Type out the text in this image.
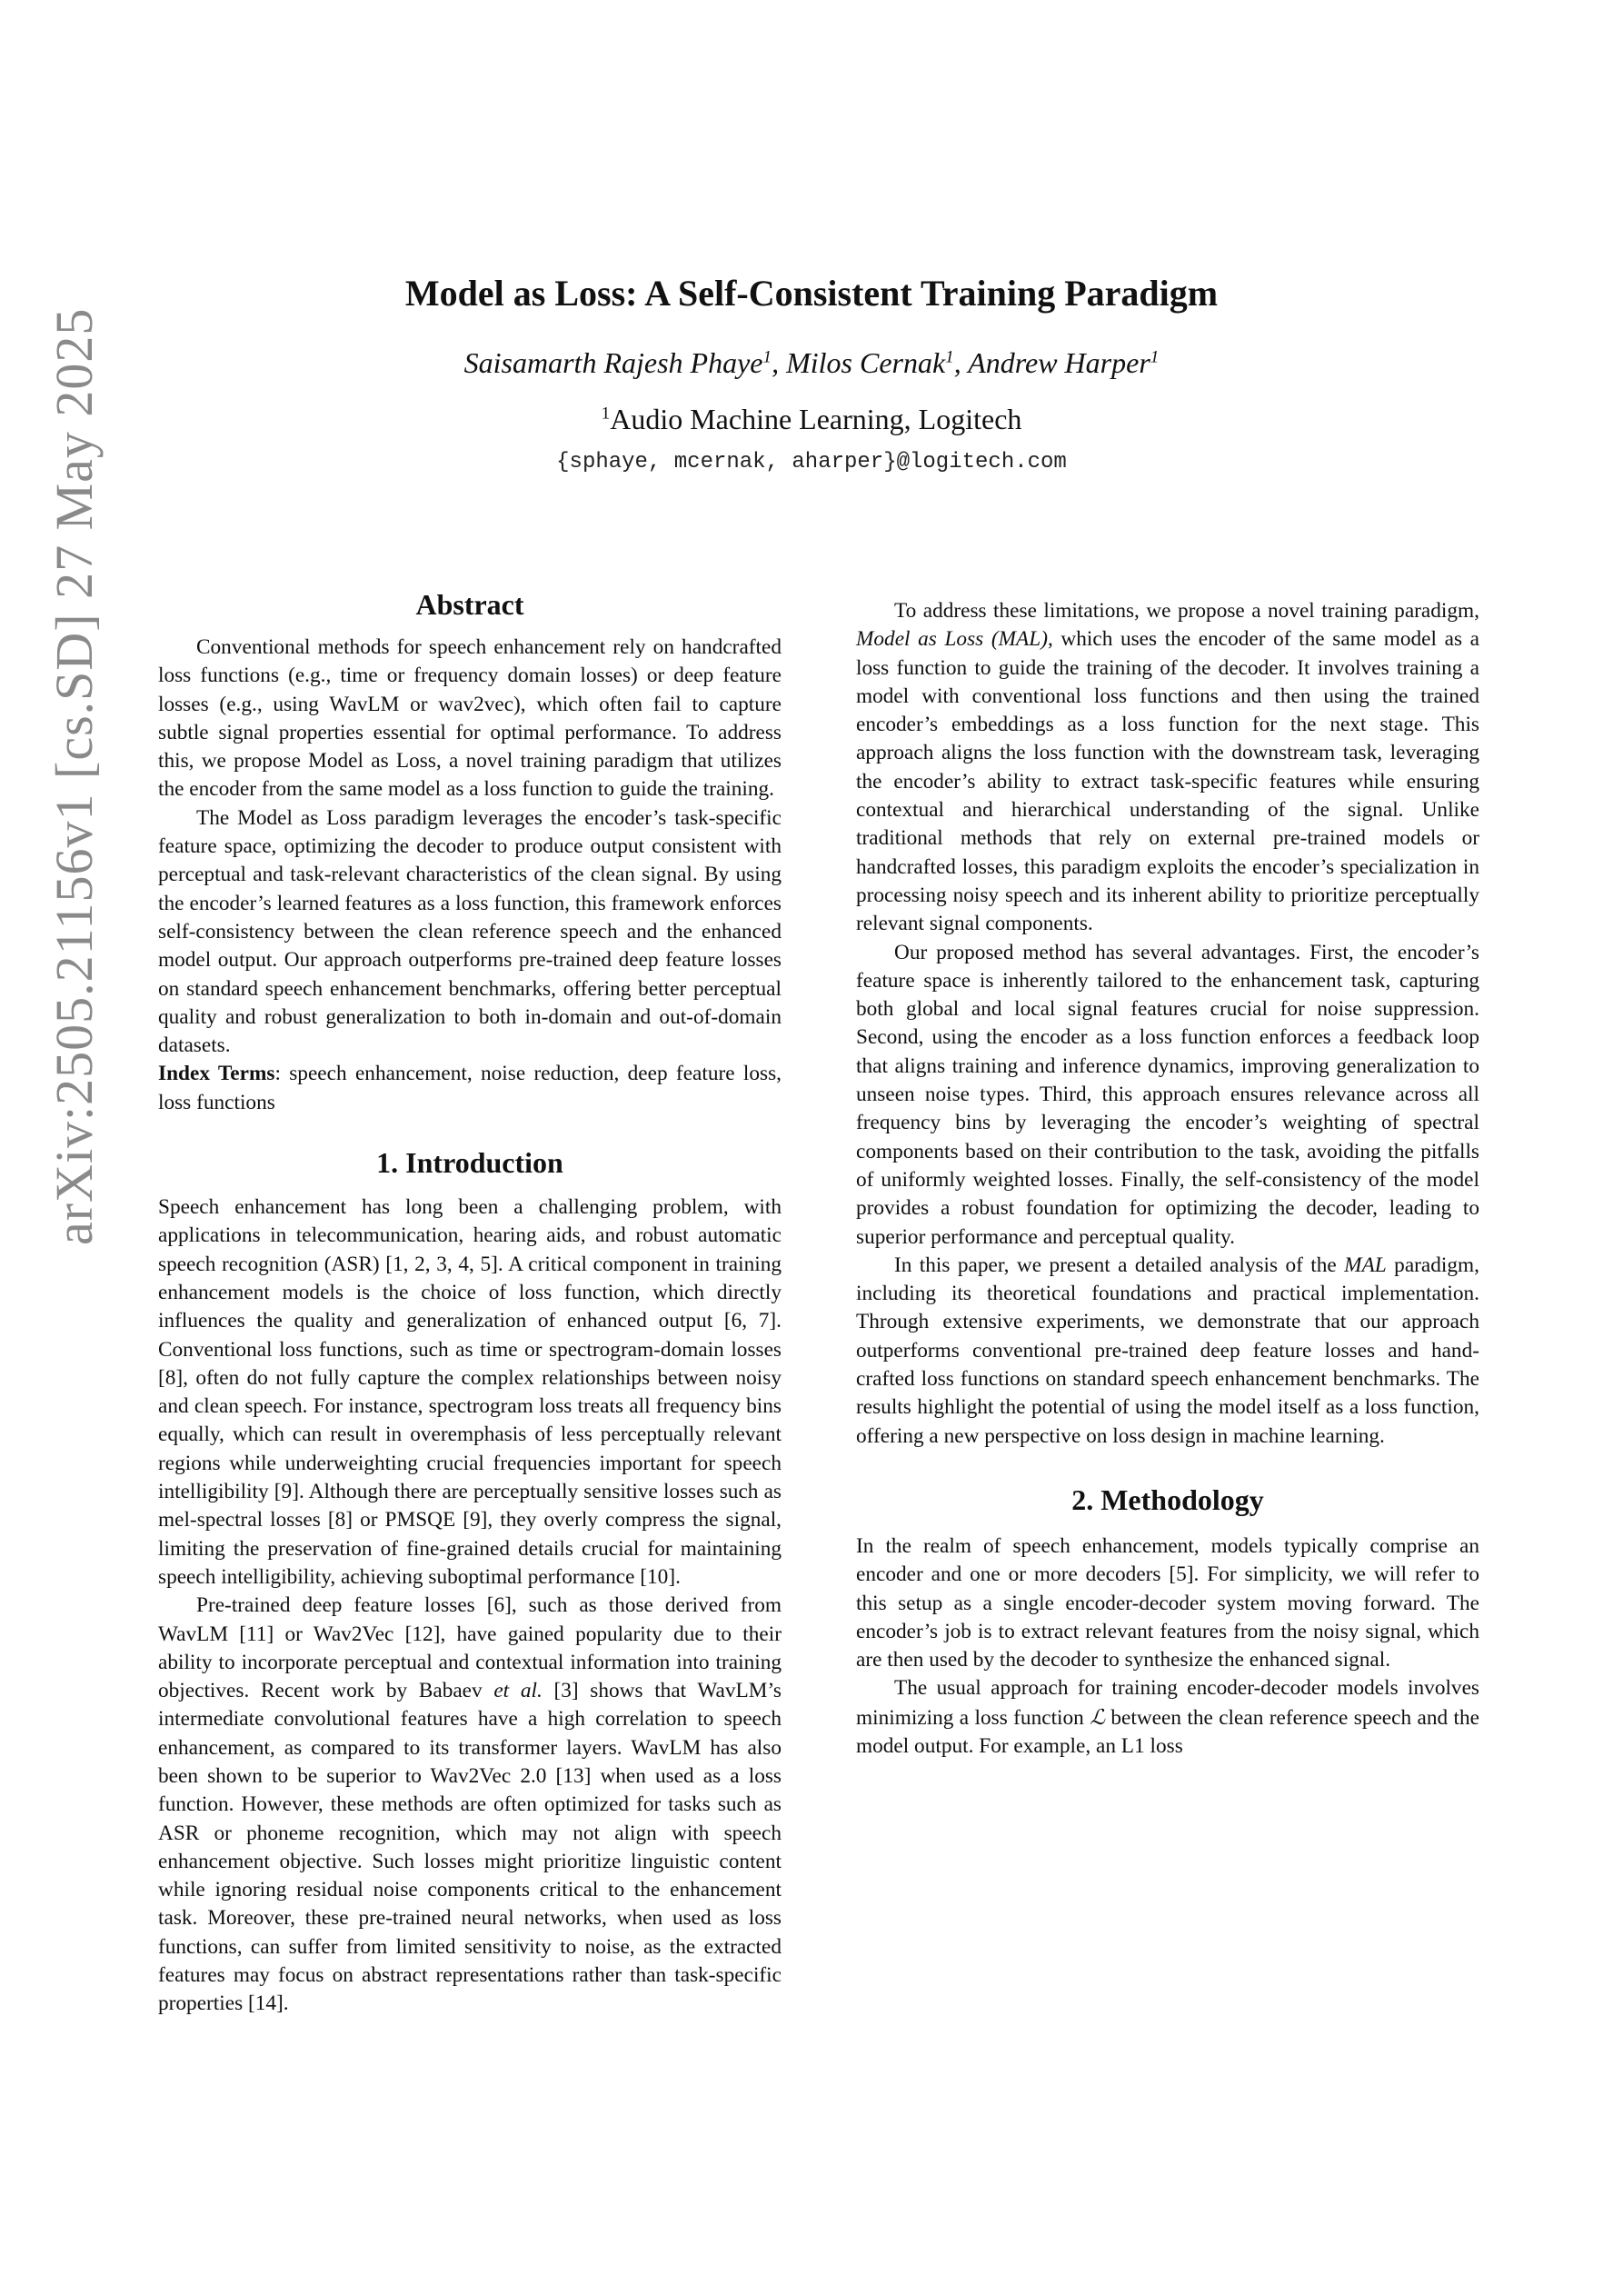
arXiv:2505.21156v1 [cs.SD] 27 May 2025
Model as Loss: A Self-Consistent Training Paradigm
Saisamarth Rajesh Phaye$^1$, Milos Cernak$^1$, Andrew Harper$^1$
$^1$Audio Machine Learning, Logitech
{sphaye, mcernak, aharper}@logitech.com
Abstract

Conventional methods for speech enhancement rely on handcrafted loss functions (e.g., time or frequency domain losses) or deep feature losses (e.g., using WavLM or wav2vec), which often fail to capture subtle signal properties essential for optimal performance. To address this, we propose Model as Loss, a novel training paradigm that utilizes the encoder from the same model as a loss function to guide the training.

The Model as Loss paradigm leverages the encoder’s task-specific feature space, optimizing the decoder to produce output consistent with perceptual and task-relevant characteristics of the clean signal. By using the encoder’s learned features as a loss function, this framework enforces self-consistency between the clean reference speech and the enhanced model output. Our approach outperforms pre-trained deep feature losses on standard speech enhancement benchmarks, offering better perceptual quality and robust generalization to both in-domain and out-of-domain datasets.

Index Terms: speech enhancement, noise reduction, deep feature loss, loss functions

1. Introduction

Speech enhancement has long been a challenging problem, with applications in telecommunication, hearing aids, and robust automatic speech recognition (ASR) [1, 2, 3, 4, 5]. A critical component in training enhancement models is the choice of loss function, which directly influences the quality and generalization of enhanced output [6, 7]. Conventional loss functions, such as time or spectrogram-domain losses [8], often do not fully capture the complex relationships between noisy and clean speech. For instance, spectrogram loss treats all frequency bins equally, which can result in overemphasis of less perceptually relevant regions while underweighting crucial frequencies important for speech intelligibility [9]. Although there are perceptually sensitive losses such as mel-spectral losses [8] or PMSQE [9], they overly compress the signal, limiting the preservation of fine-grained details crucial for maintaining speech intelligibility, achieving suboptimal performance [10].

Pre-trained deep feature losses [6], such as those derived from WavLM [11] or Wav2Vec [12], have gained popularity due to their ability to incorporate perceptual and contextual information into training objectives. Recent work by Babaev et al. [3] shows that WavLM’s intermediate convolutional features have a high correlation to speech enhancement, as compared to its transformer layers. WavLM has also been shown to be superior to Wav2Vec 2.0 [13] when used as a loss function. However, these methods are often optimized for tasks such as ASR or phoneme recognition, which may not align with speech enhancement objective. Such losses might prioritize linguistic content while ignoring residual noise components critical to the enhancement task. Moreover, these pre-trained neural networks, when used as loss functions, can suffer from limited sensitivity to noise, as the extracted features may focus on abstract representations rather than task-specific properties [14].

To address these limitations, we propose a novel training paradigm, Model as Loss (MAL), which uses the encoder of the same model as a loss function to guide the training of the decoder. It involves training a model with conventional loss functions and then using the trained encoder’s embeddings as a loss function for the next stage. This approach aligns the loss function with the downstream task, leveraging the encoder’s ability to extract task-specific features while ensuring contextual and hierarchical understanding of the signal. Unlike traditional methods that rely on external pre-trained models or handcrafted losses, this paradigm exploits the encoder’s specialization in processing noisy speech and its inherent ability to prioritize perceptually relevant signal components.

Our proposed method has several advantages. First, the encoder’s feature space is inherently tailored to the enhancement task, capturing both global and local signal features crucial for noise suppression. Second, using the encoder as a loss function enforces a feedback loop that aligns training and inference dynamics, improving generalization to unseen noise types. Third, this approach ensures relevance across all frequency bins by leveraging the encoder’s weighting of spectral components based on their contribution to the task, avoiding the pitfalls of uniformly weighted losses. Finally, the self-consistency of the model provides a robust foundation for optimizing the decoder, leading to superior performance and perceptual quality.

In this paper, we present a detailed analysis of the MAL paradigm, including its theoretical foundations and practical implementation. Through extensive experiments, we demonstrate that our approach outperforms conventional pre-trained deep feature losses and hand-crafted loss functions on standard speech enhancement benchmarks. The results highlight the potential of using the model itself as a loss function, offering a new perspective on loss design in machine learning.

2. Methodology

In the realm of speech enhancement, models typically comprise an encoder and one or more decoders [5]. For simplicity, we will refer to this setup as a single encoder-decoder system moving forward. The encoder’s job is to extract relevant features from the noisy signal, which are then used by the decoder to synthesize the enhanced signal.

The usual approach for training encoder-decoder models involves minimizing a loss function ℒ between the clean reference speech and the model output. For example, an L1 loss
